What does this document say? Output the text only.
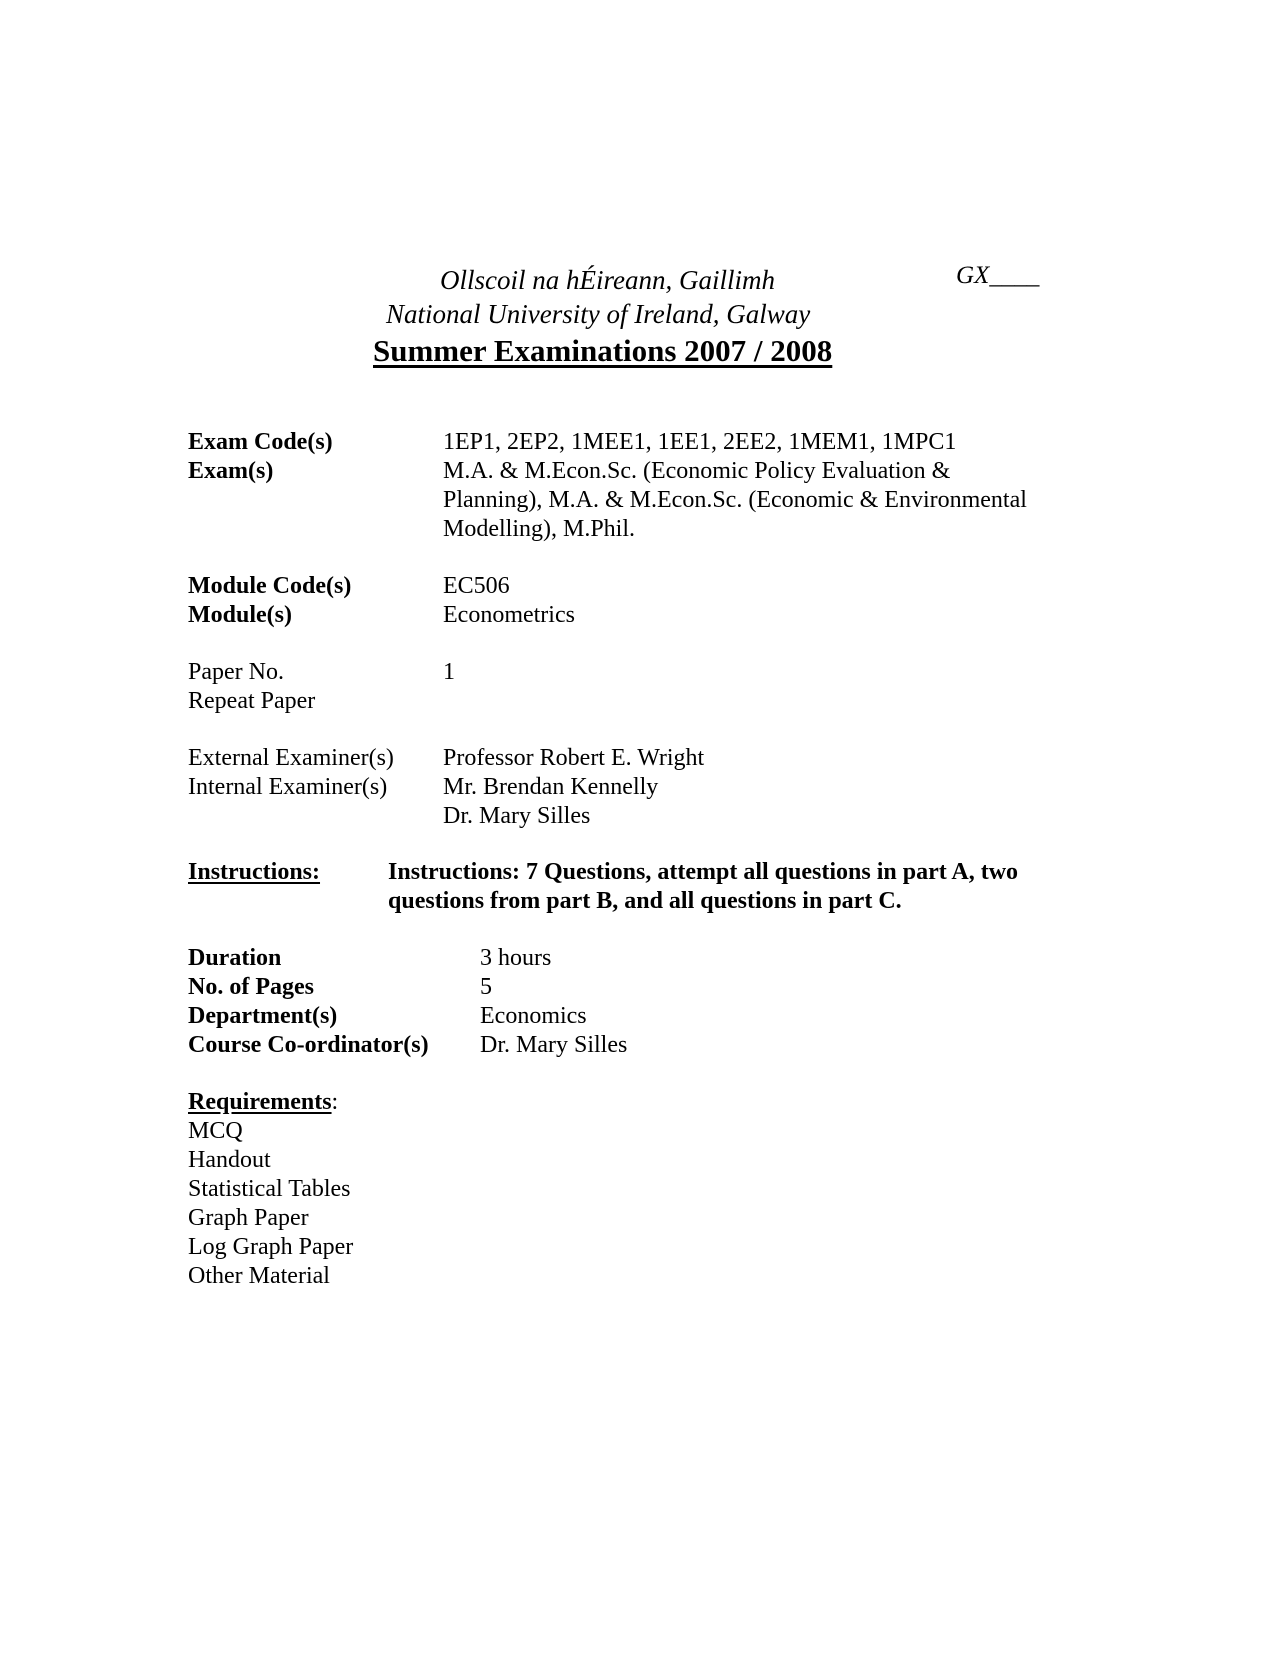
Ollscoil na hÉireann, Gaillimh	GX____
National University of Ireland, Galway
Summer Examinations 2007 / 2008
Exam Code(s)
Exam(s)
1EP1, 2EP2, 1MEE1, 1EE1, 2EE2, 1MEM1, 1MPC1
M.A. & M.Econ.Sc. (Economic Policy Evaluation &
Planning), M.A. & M.Econ.Sc. (Economic & Environmental
Modelling), M.Phil.
Module Code(s)
Module(s)
EC506
Econometrics
Paper No.
Repeat Paper
1
External Examiner(s)
Internal Examiner(s)
Professor Robert E. Wright
Mr. Brendan Kennelly
Dr. Mary Silles
Instructions:	Instructions: 7 Questions, attempt all questions in part A, two
questions from part B, and all questions in part C.
Duration
No. of Pages
Department(s)
Course Co-ordinator(s)
3 hours
5
Economics
Dr. Mary Silles
Requirements:
MCQ
Handout
Statistical Tables
Graph Paper
Log Graph Paper
Other Material
